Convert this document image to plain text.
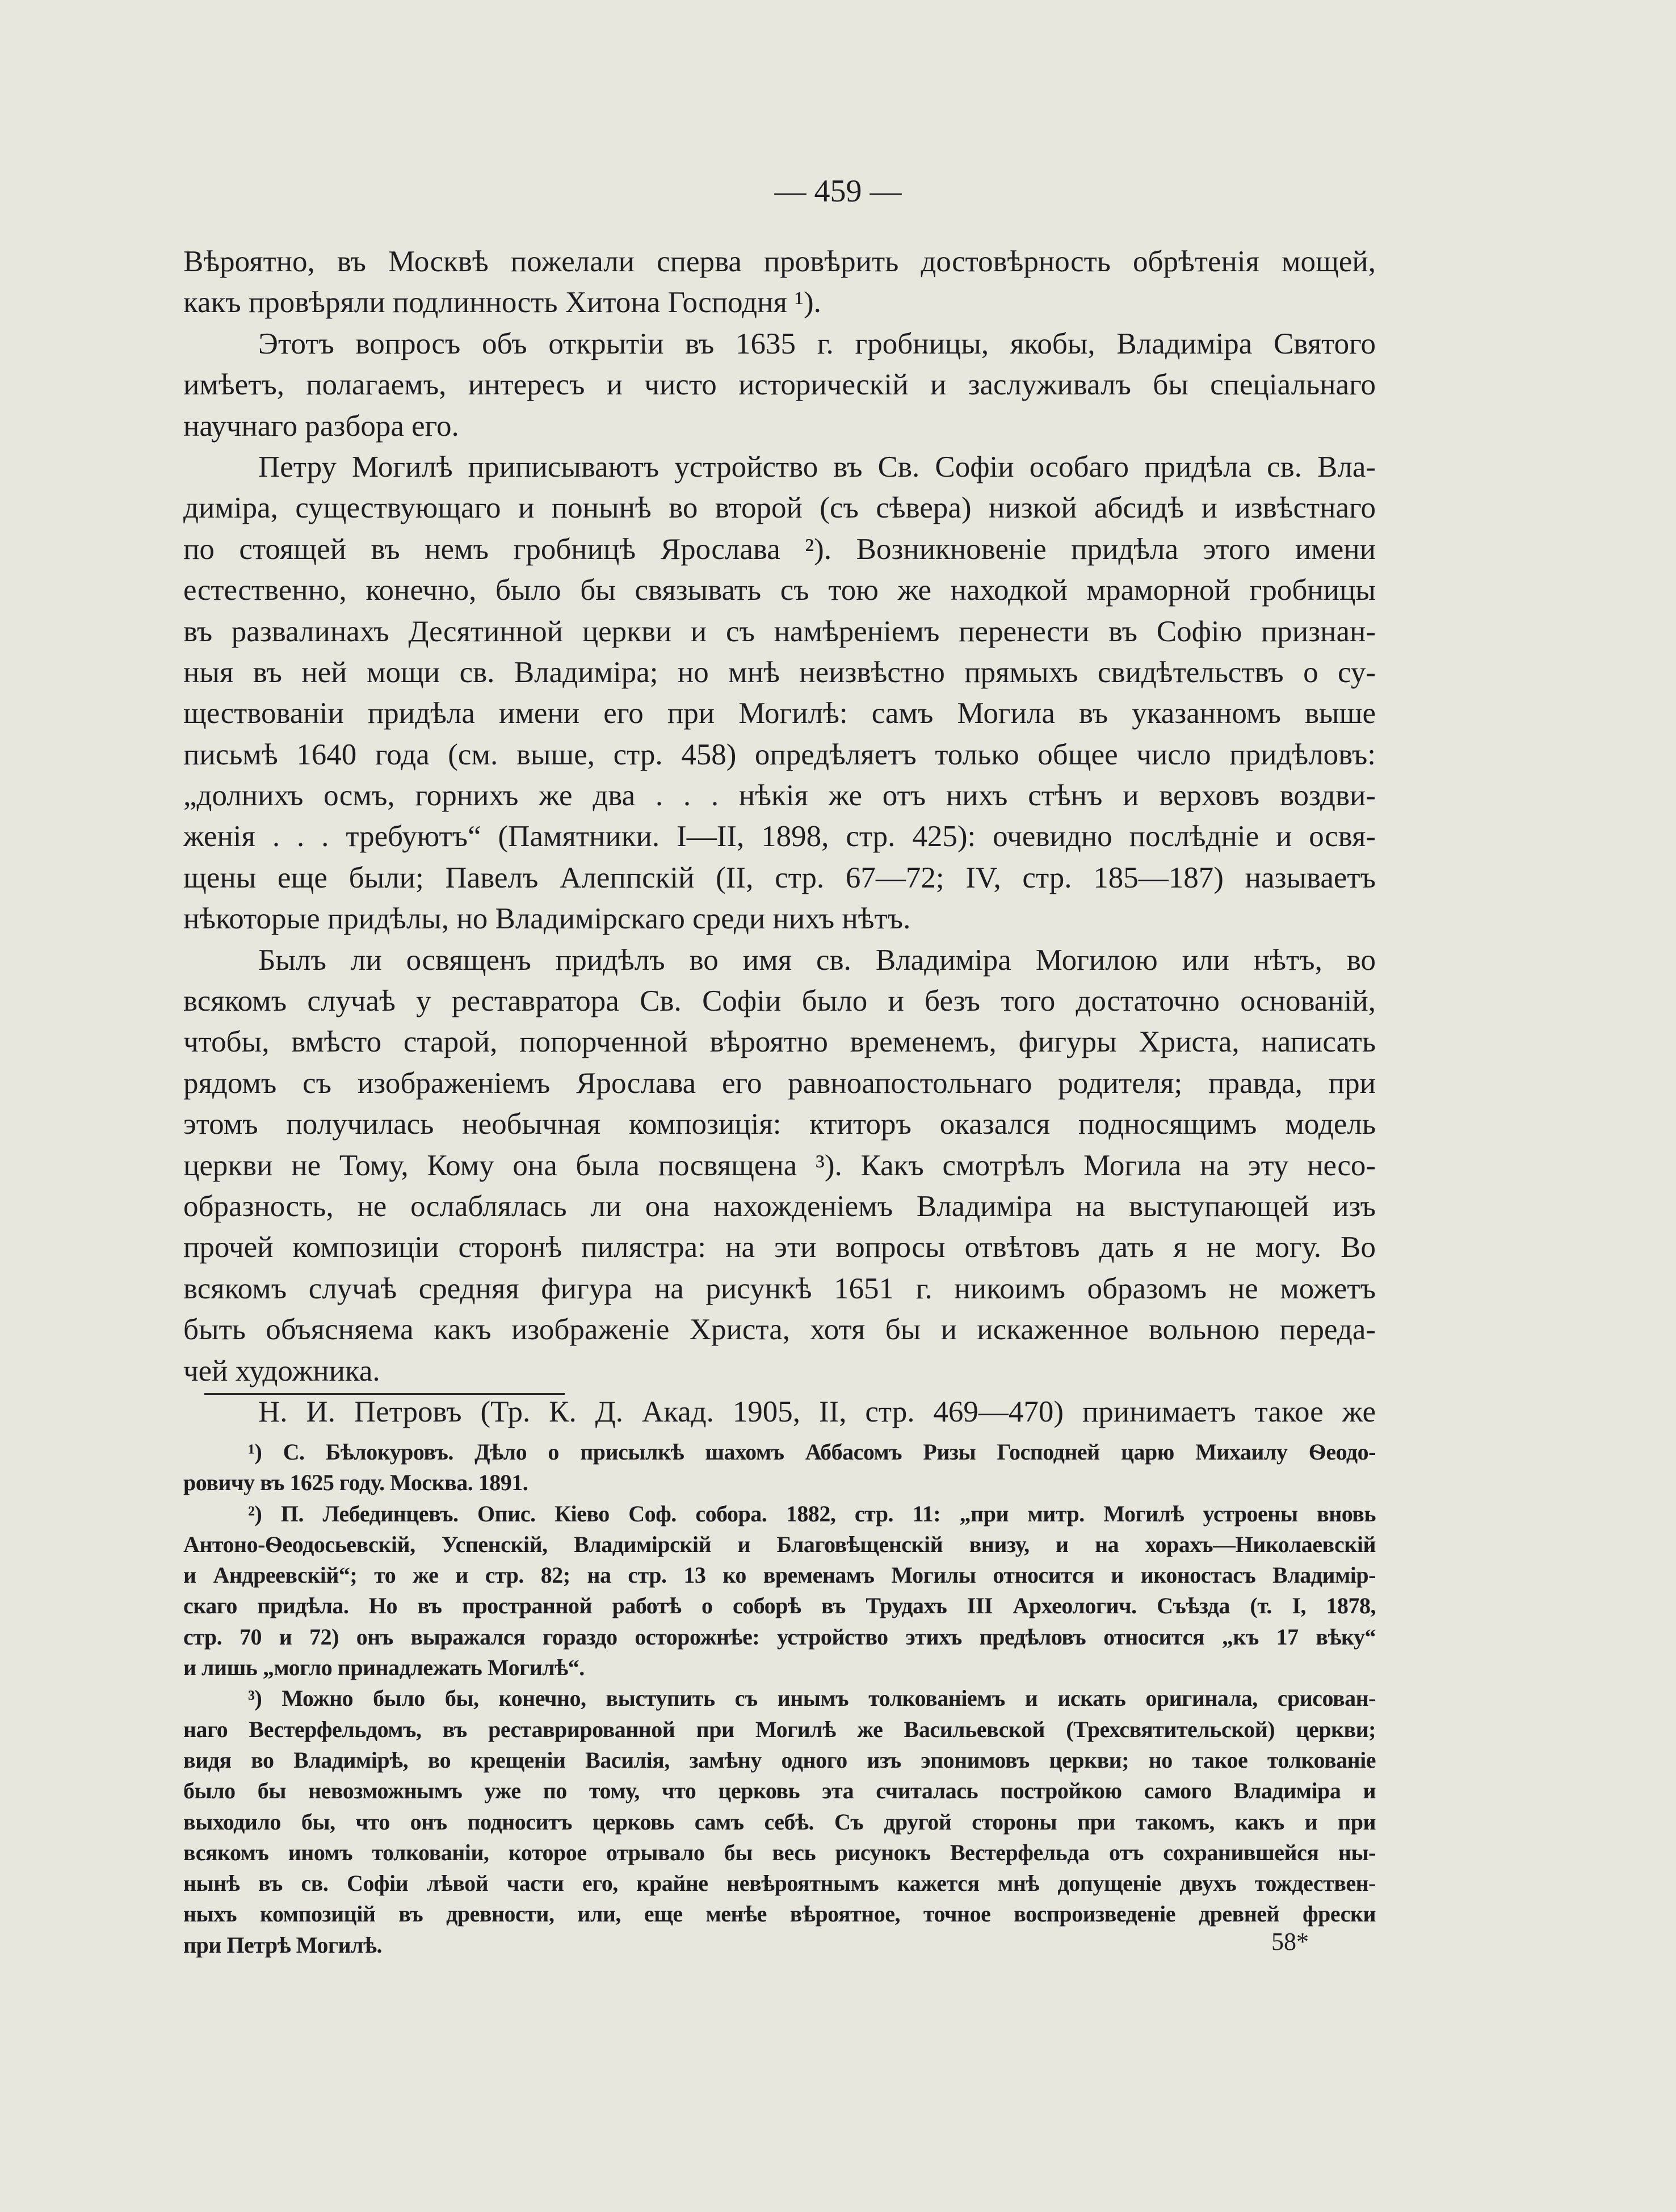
— 459 —
Вѣроятно, въ Москвѣ пожелали сперва провѣрить достовѣрность обрѣтенія мощей,
какъ провѣряли подлинность Хитона Господня ¹).
Этотъ вопросъ объ открытіи въ 1635 г. гробницы, якобы, Владиміра Святого
имѣетъ, полагаемъ, интересъ и чисто историческій и заслуживалъ бы спеціальнаго
научнаго разбора его.
Петру Могилѣ приписываютъ устройство въ Св. Софіи особаго придѣла св. Вла-
диміра, существующаго и понынѣ во второй (съ сѣвера) низкой абсидѣ и извѣстнаго
по стоящей въ немъ гробницѣ Ярослава ²). Возникновеніе придѣла этого имени
естественно, конечно, было бы связывать съ тою же находкой мраморной гробницы
въ развалинахъ Десятинной церкви и съ намѣреніемъ перенести въ Софію признан-
ныя въ ней мощи св. Владиміра; но мнѣ неизвѣстно прямыхъ свидѣтельствъ о су-
ществованіи придѣла имени его при Могилѣ: самъ Могила въ указанномъ выше
письмѣ 1640 года (см. выше, стр. 458) опредѣляетъ только общее число придѣловъ:
„долнихъ осмъ, горнихъ же два . . . нѣкія же отъ нихъ стѣнъ и верховъ воздви-
женія . . . требуютъ“ (Памятники. I—II, 1898, стр. 425): очевидно послѣдніе и освя-
щены еще были; Павелъ Алеппскій (II, стр. 67—72; IV, стр. 185—187) называетъ
нѣкоторые придѣлы, но Владимірскаго среди нихъ нѣтъ.
Былъ ли освященъ придѣлъ во имя св. Владиміра Могилою или нѣтъ, во
всякомъ случаѣ у реставратора Св. Софіи было и безъ того достаточно основаній,
чтобы, вмѣсто старой, попорченной вѣроятно временемъ, фигуры Христа, написать
рядомъ съ изображеніемъ Ярослава его равноапостольнаго родителя; правда, при
этомъ получилась необычная композиція: ктиторъ оказался подносящимъ модель
церкви не Тому, Кому она была посвящена ³). Какъ смотрѣлъ Могила на эту несо-
образность, не ослаблялась ли она нахожденіемъ Владиміра на выступающей изъ
прочей композиціи сторонѣ пилястра: на эти вопросы отвѣтовъ дать я не могу. Во
всякомъ случаѣ средняя фигура на рисункѣ 1651 г. никоимъ образомъ не можетъ
быть объясняема какъ изображеніе Христа, хотя бы и искаженное вольною переда-
чей художника.
Н. И. Петровъ (Тр. К. Д. Акад. 1905, II, стр. 469—470) принимаетъ такое же
¹) С. Бѣлокуровъ. Дѣло о присылкѣ шахомъ Аббасомъ Ризы Господней царю Михаилу Ѳеодо-
ровичу въ 1625 году. Москва. 1891.
²) П. Лебединцевъ. Опис. Кіево Соф. собора. 1882, стр. 11: „при митр. Могилѣ устроены вновь
Антоно-Ѳеодосьевскій, Успенскій, Владимірскій и Благовѣщенскій внизу, и на хорахъ—Николаевскій
и Андреевскій“; то же и стр. 82; на стр. 13 ко временамъ Могилы относится и иконостасъ Владимір-
скаго придѣла. Но въ пространной работѣ о соборѣ въ Трудахъ III Археологич. Съѣзда (т. I, 1878,
стр. 70 и 72) онъ выражался гораздо осторожнѣе: устройство этихъ предѣловъ относится „къ 17 вѣку“
и лишь „могло принадлежать Могилѣ“.
³) Можно было бы, конечно, выступить съ инымъ толкованіемъ и искать оригинала, срисован-
наго Вестерфельдомъ, въ реставрированной при Могилѣ же Васильевской (Трехсвятительской) церкви;
видя во Владимірѣ, во крещеніи Василія, замѣну одного изъ эпонимовъ церкви; но такое толкованіе
было бы невозможнымъ уже по тому, что церковь эта считалась постройкою самого Владиміра и
выходило бы, что онъ подноситъ церковь самъ себѣ. Съ другой стороны при такомъ, какъ и при
всякомъ иномъ толкованіи, которое отрывало бы весь рисунокъ Вестерфельда отъ сохранившейся ны-
нынѣ въ св. Софіи лѣвой части его, крайне невѣроятнымъ кажется мнѣ допущеніе двухъ тождествен-
ныхъ композицій въ древности, или, еще менѣе вѣроятное, точное воспроизведеніе древней фрески
при Петрѣ Могилѣ.	58*
